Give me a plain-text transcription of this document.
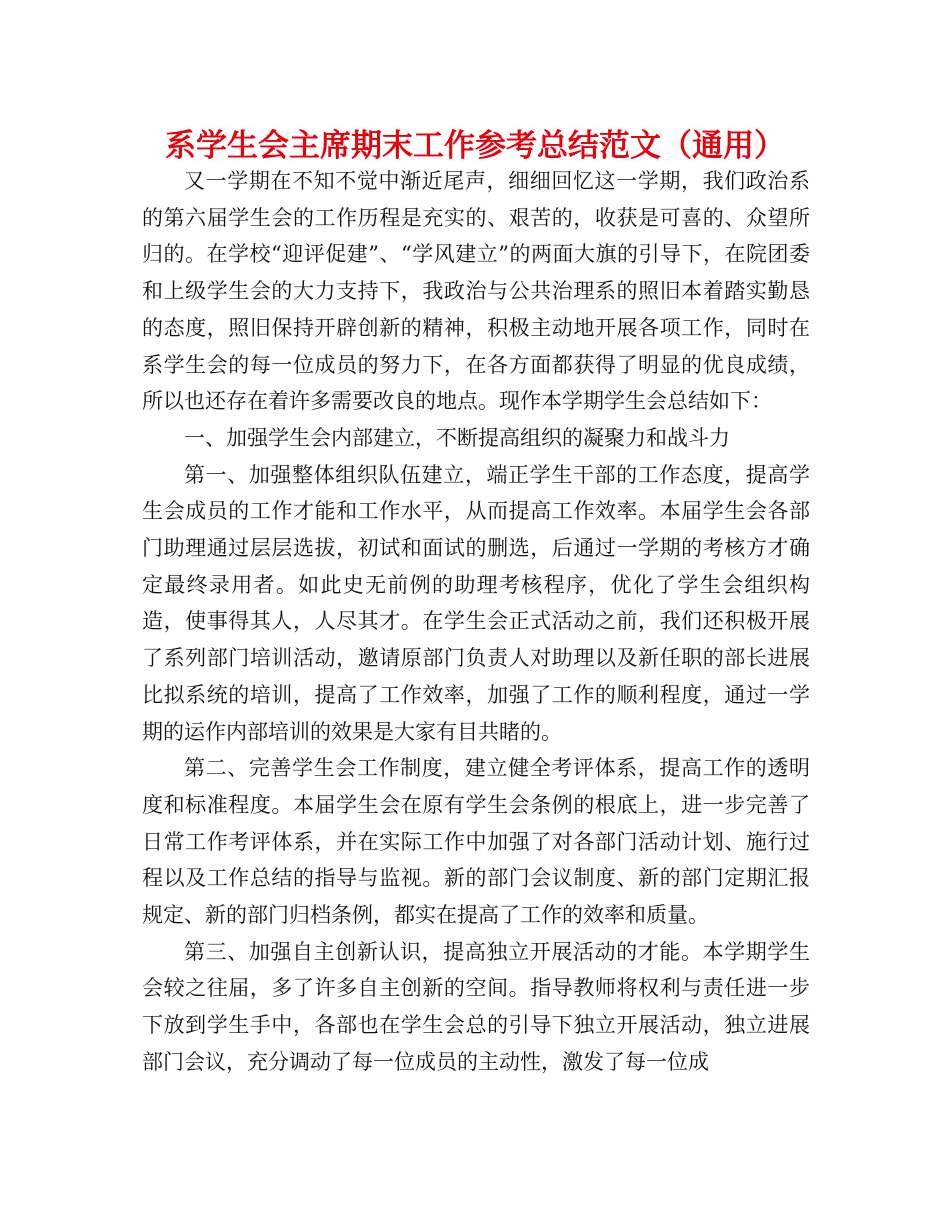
系学生会主席期末工作参考总结范文（通用）

又一学期在不知不觉中渐近尾声，细细回忆这一学期，我们政治系的第六届学生会的工作历程是充实的、艰苦的，收获是可喜的、众望所归的。在学校“迎评促建”、“学风建立”的两面大旗的引导下，在院团委和上级学生会的大力支持下，我政治与公共治理系的照旧本着踏实勤恳的态度，照旧保持开辟创新的精神，积极主动地开展各项工作，同时在系学生会的每一位成员的努力下，在各方面都获得了明显的优良成绩，所以也还存在着许多需要改良的地点。现作本学期学生会总结如下：

一、加强学生会内部建立，不断提高组织的凝聚力和战斗力

第一、加强整体组织队伍建立，端正学生干部的工作态度，提高学生会成员的工作才能和工作水平，从而提高工作效率。本届学生会各部门助理通过层层选拔，初试和面试的删选，后通过一学期的考核方才确定最终录用者。如此史无前例的助理考核程序，优化了学生会组织构造，使事得其人，人尽其才。在学生会正式活动之前，我们还积极开展了系列部门培训活动，邀请原部门负责人对助理以及新任职的部长进展比拟系统的培训，提高了工作效率，加强了工作的顺利程度，通过一学期的运作内部培训的效果是大家有目共睹的。

第二、完善学生会工作制度，建立健全考评体系，提高工作的透明度和标准程度。本届学生会在原有学生会条例的根底上，进一步完善了日常工作考评体系，并在实际工作中加强了对各部门活动计划、施行过程以及工作总结的指导与监视。新的部门会议制度、新的部门定期汇报规定、新的部门归档条例，都实在提高了工作的效率和质量。

第三、加强自主创新认识，提高独立开展活动的才能。本学期学生会较之往届，多了许多自主创新的空间。指导教师将权利与责任进一步下放到学生手中，各部也在学生会总的引导下独立开展活动，独立进展部门会议，充分调动了每一位成员的主动性，激发了每一位成
